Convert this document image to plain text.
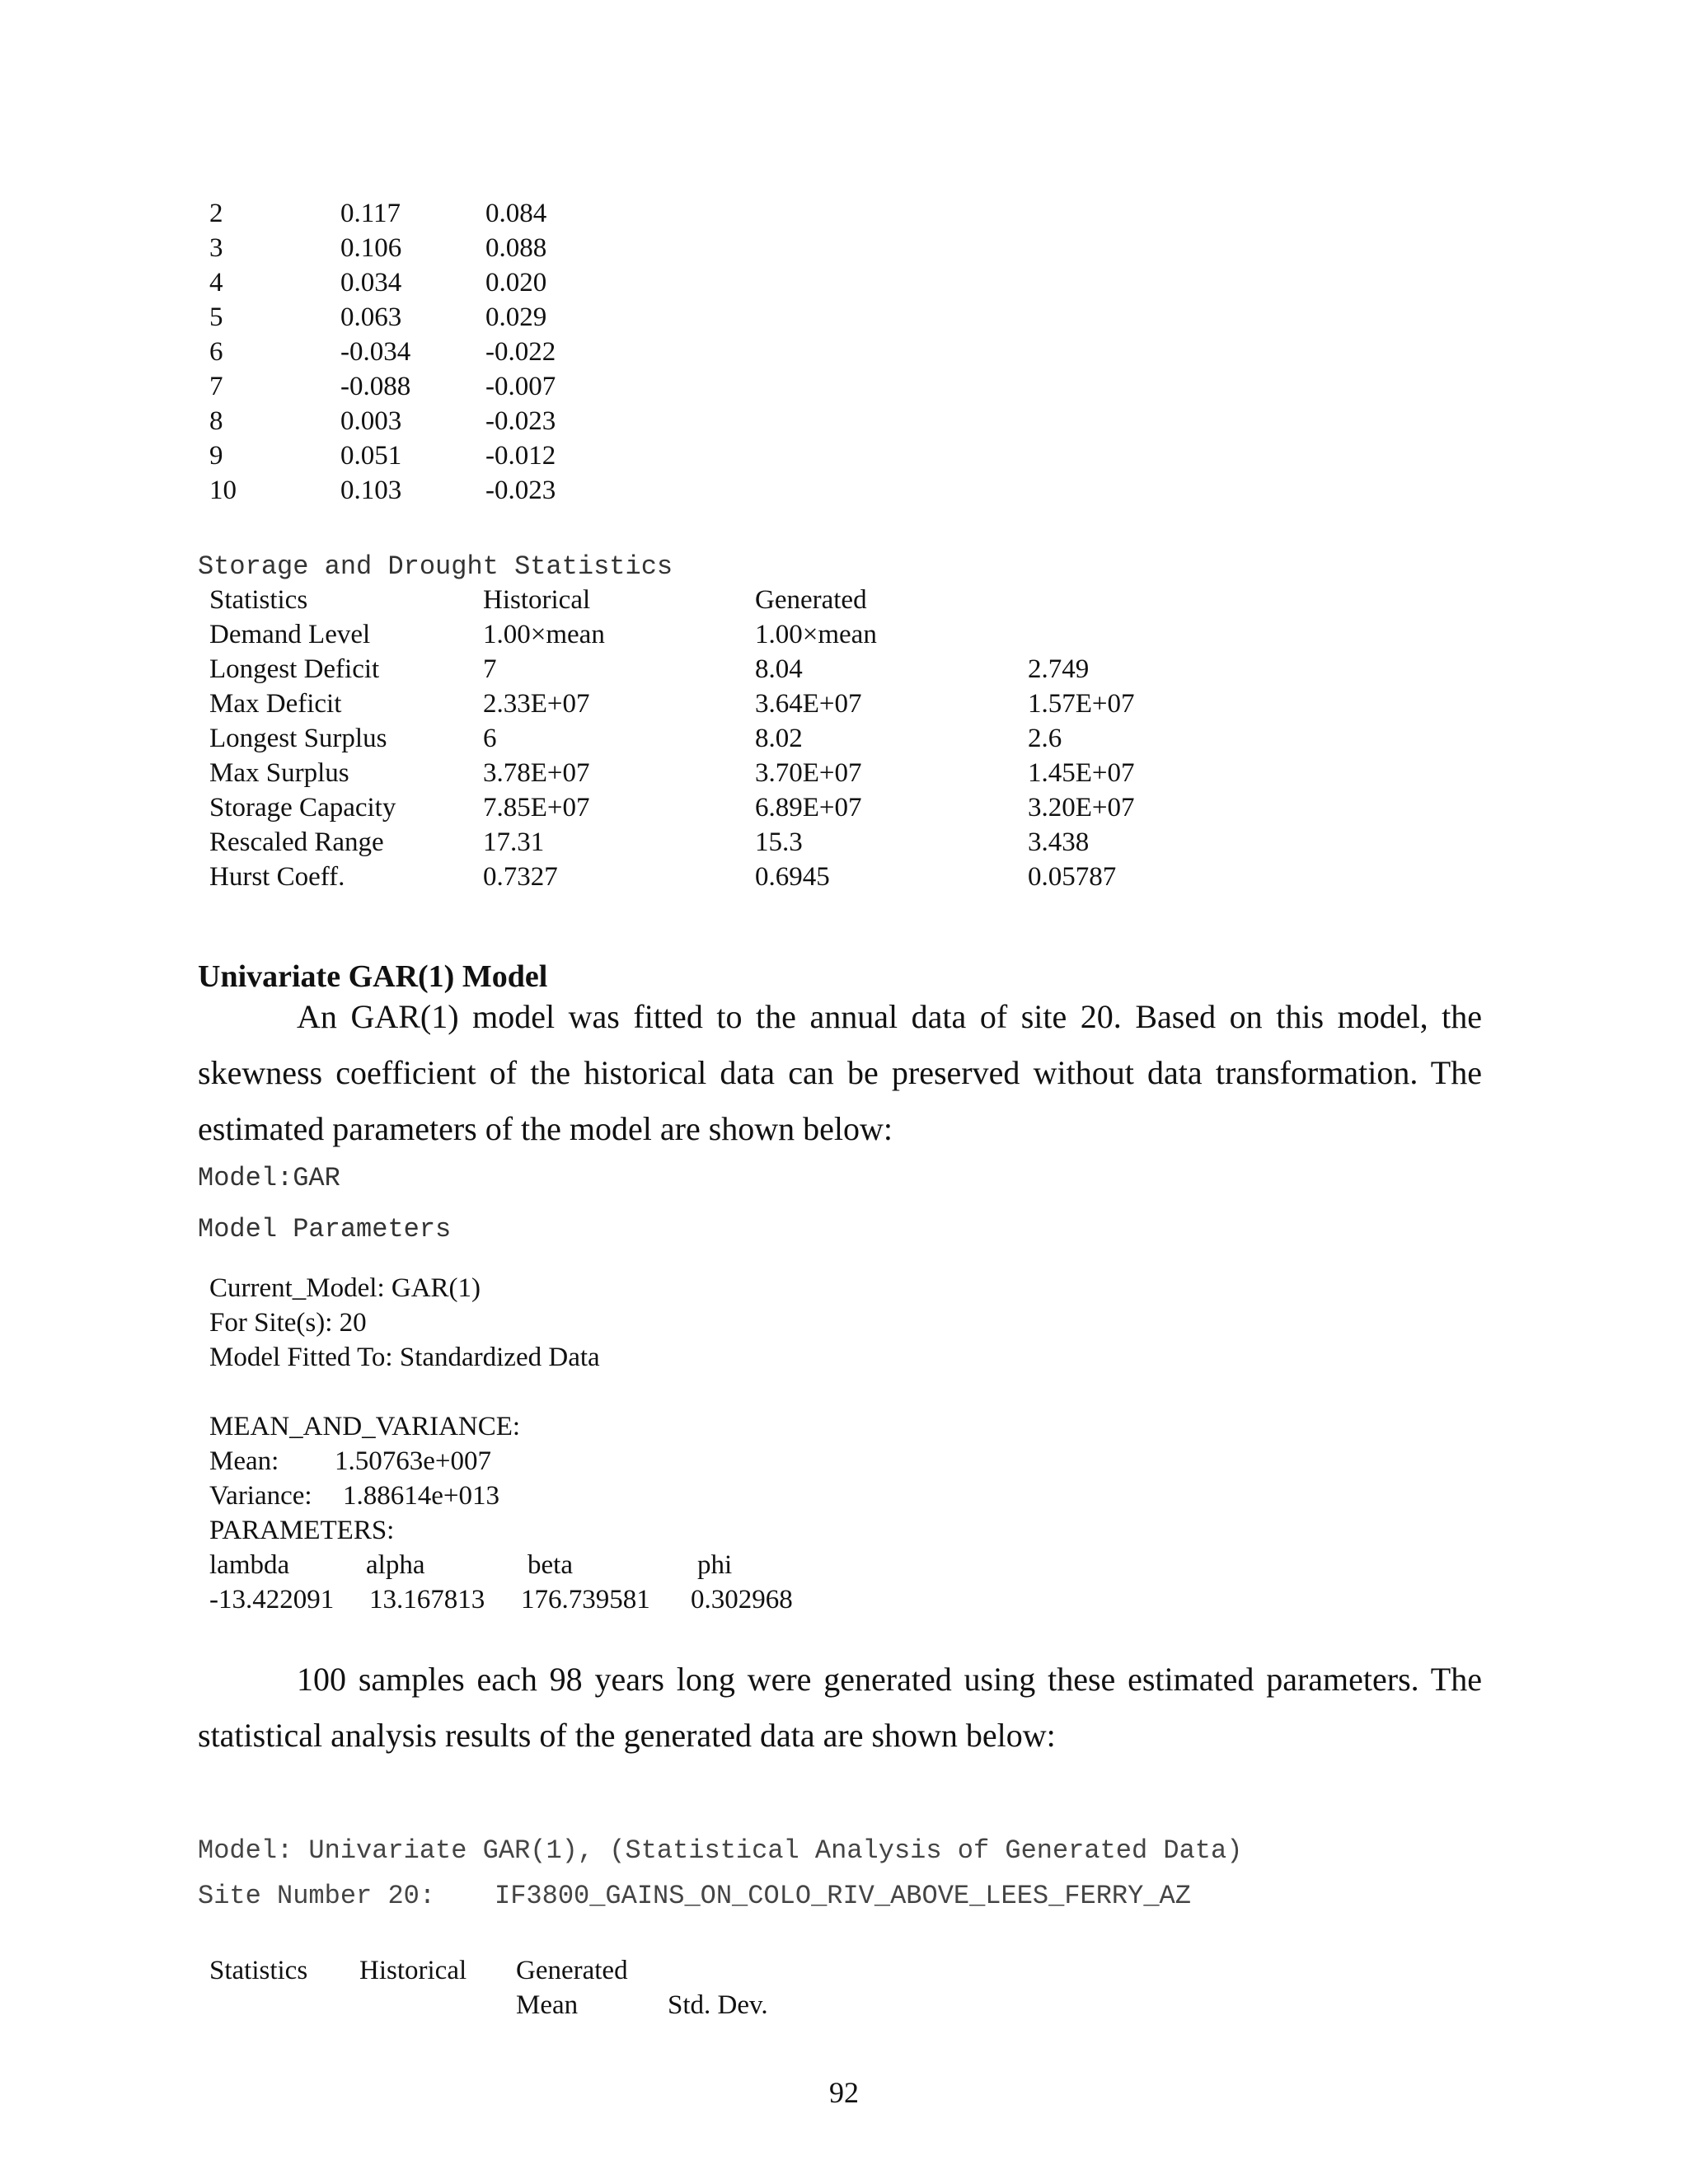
2	0.117	0.084
3	0.106	0.088
4	0.034	0.020
5	0.063	0.029
6	-0.034	-0.022
7	-0.088	-0.007
8	0.003	-0.023
9	0.051	-0.012
10	0.103	-0.023
Storage and Drought Statistics
Statistics	Historical	Generated
Demand Level	1.00×mean	1.00×mean
Longest Deficit	7	8.04	2.749
Max Deficit	2.33E+07	3.64E+07	1.57E+07
Longest Surplus	6	8.02	2.6
Max Surplus	3.78E+07	3.70E+07	1.45E+07
Storage Capacity	7.85E+07	6.89E+07	3.20E+07
Rescaled Range	17.31	15.3	3.438
Hurst Coeff.	0.7327	0.6945	0.05787
Univariate GAR(1) Model

An GAR(1) model was fitted to the annual data of site 20. Based on this model, the skewness coefficient of the historical data can be preserved without data transformation. The estimated parameters of the model are shown below:

Model:GAR
Model Parameters
Current_Model: GAR(1)
For Site(s): 20
Model Fitted To: Standardized Data
MEAN_AND_VARIANCE:
Mean: 1.50763e+007
Variance: 1.88614e+013
PARAMETERS:
lambda	alpha	beta	phi
-13.422091 13.167813 176.739581 0.302968

100 samples each 98 years long were generated using these estimated parameters. The statistical analysis results of the generated data are shown below:

Model: Univariate GAR(1), (Statistical Analysis of Generated Data)
Site Number 20: IF3800_GAINS_ON_COLO_RIV_ABOVE_LEES_FERRY_AZ
Statistics Historical Generated
Mean	Std. Dev.
92
